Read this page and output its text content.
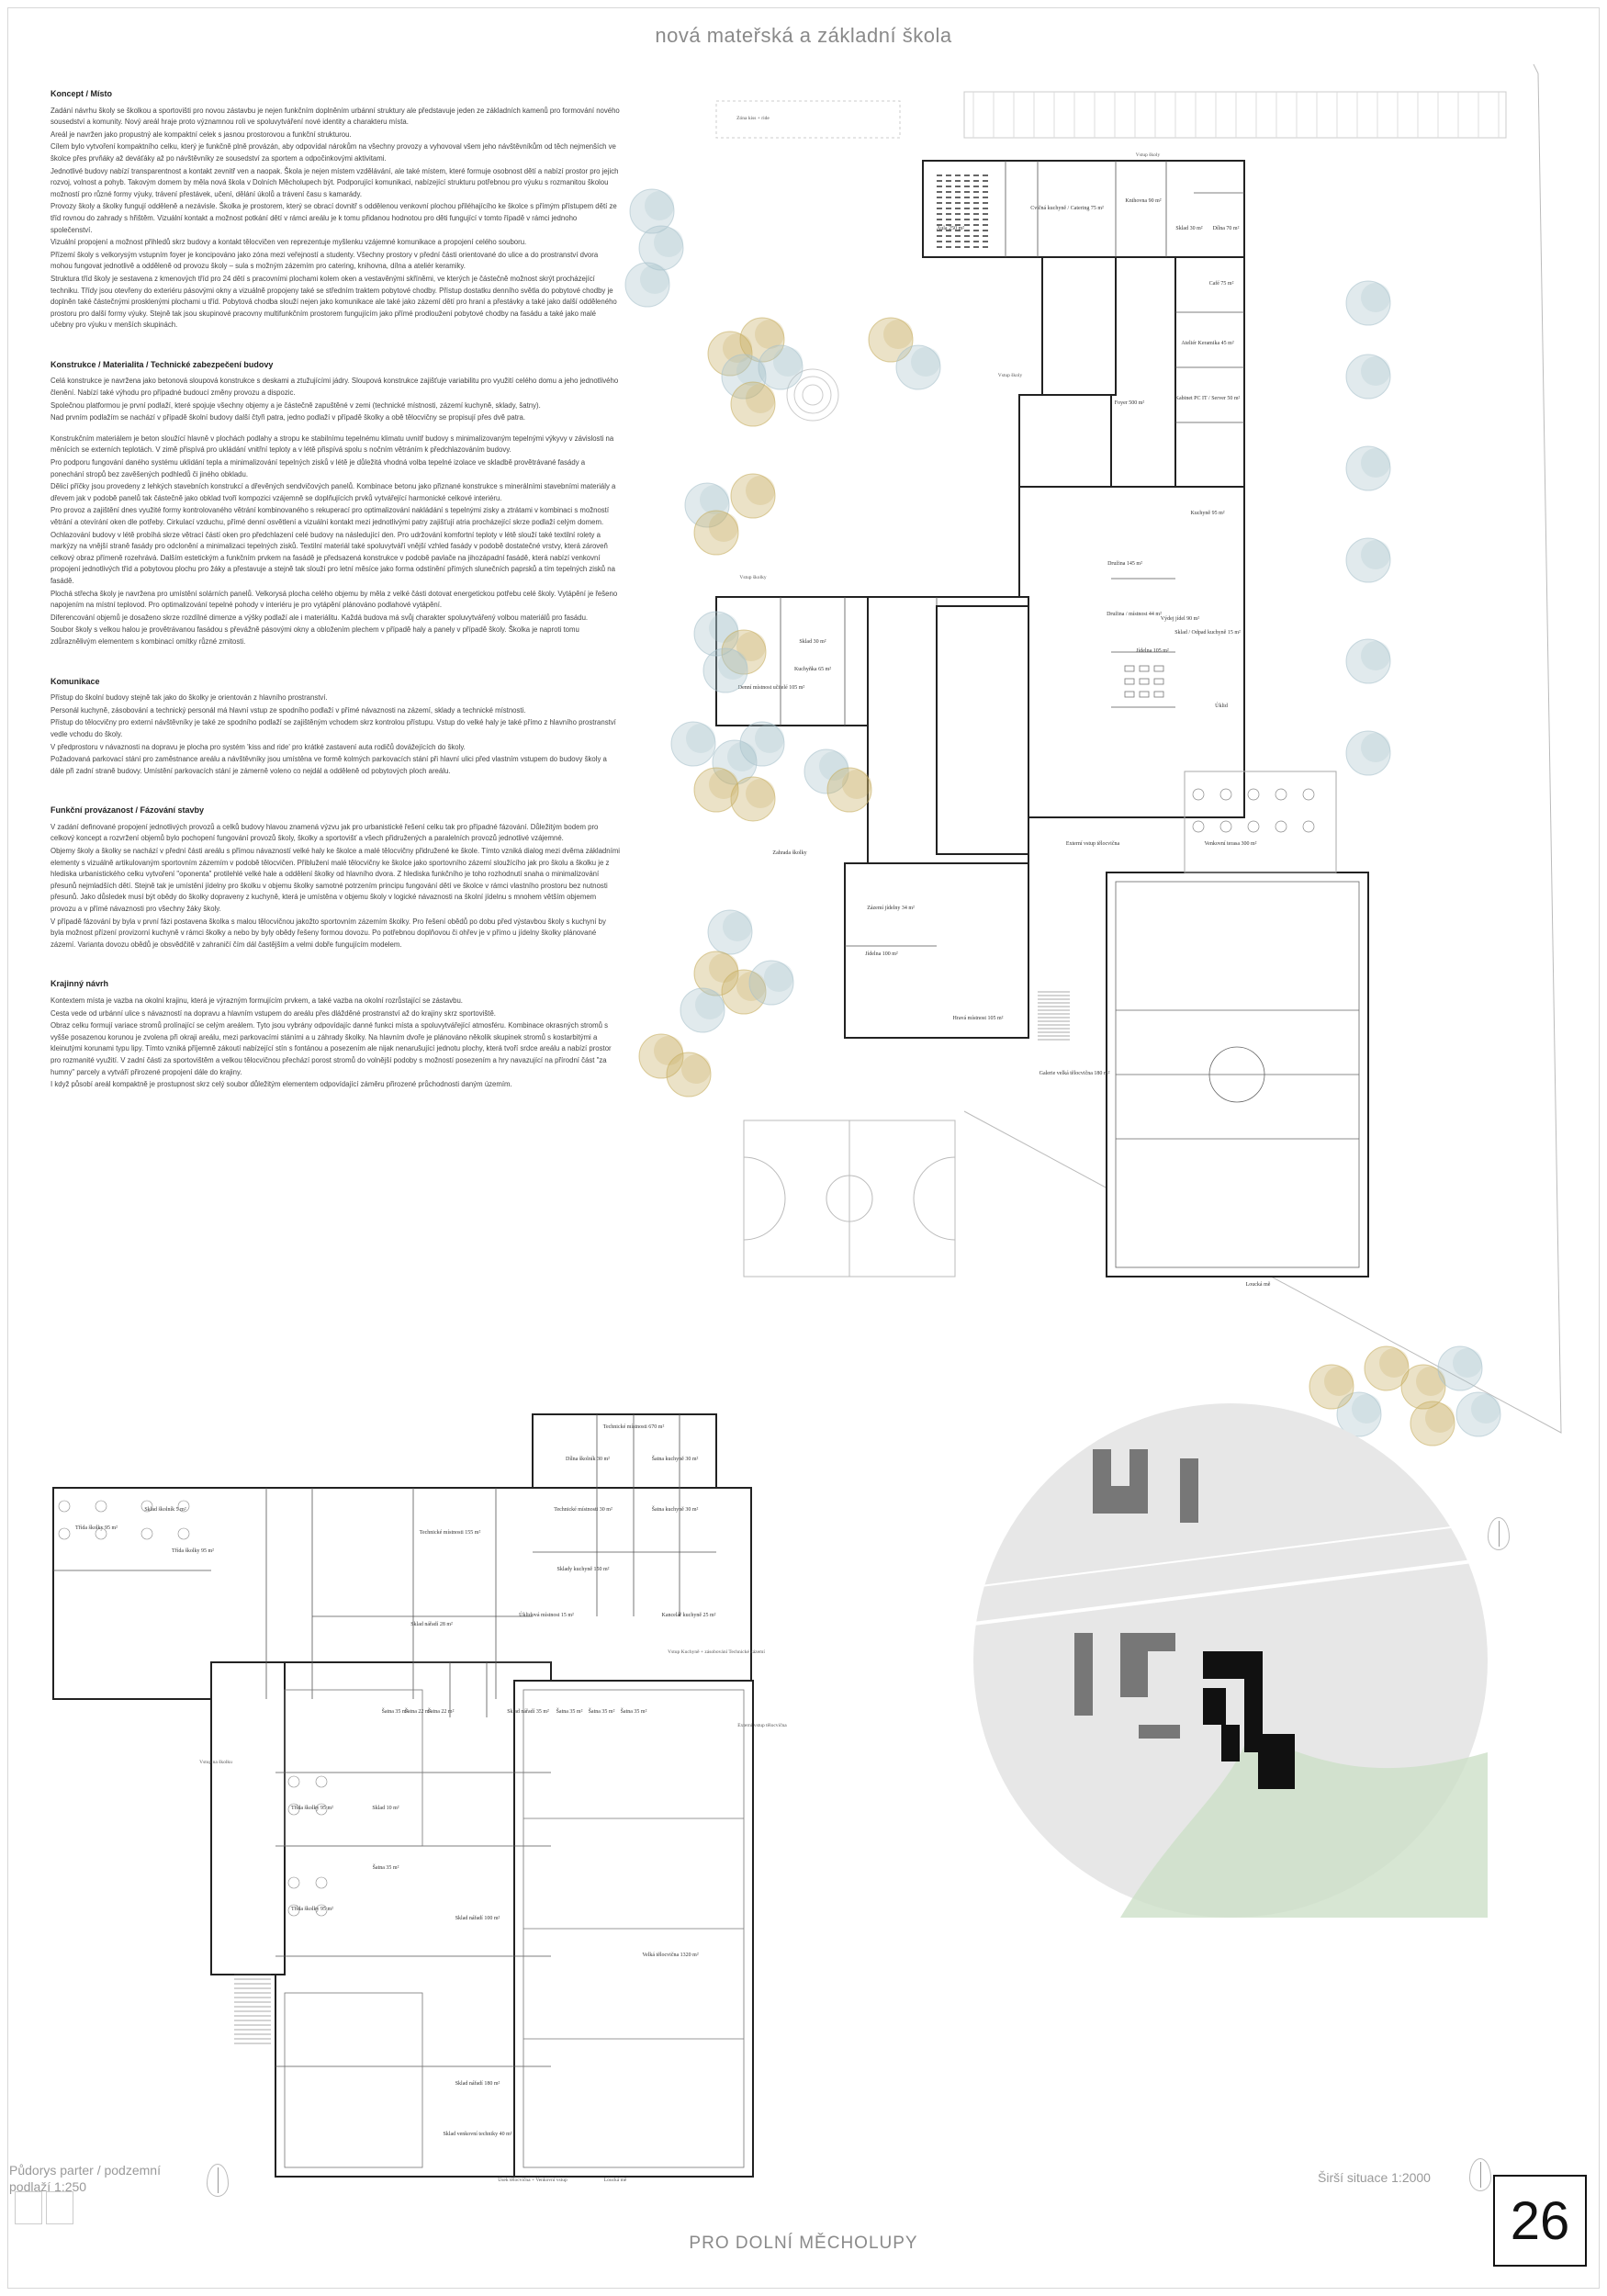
nová mateřská a základní škola
Koncept / Místo

Zadání návrhu školy se školkou a sportovišti pro novou zástavbu je nejen funkčním doplněním urbánní struktury ale představuje jeden ze základních kamenů pro formování nového sousedství a komunity. Nový areál hraje proto významnou roli ve spoluvytváření nové identity a charakteru místa.

Areál je navržen jako propustný ale kompaktní celek s jasnou prostorovou a funkční strukturou.

Cílem bylo vytvoření kompaktního celku, který je funkčně plně provázán, aby odpovídal nárokům na všechny provozy a vyhovoval všem jeho návštěvníkům od těch nejmenších ve školce přes prvňáky až deváťáky až po návštěvníky ze sousedství za sportem a odpočinkovými aktivitami.

Jednotlivé budovy nabízí transparentnost a kontakt zevnitř ven a naopak. Škola je nejen místem vzdělávání, ale také místem, které formuje osobnost dětí a nabízí prostor pro jejich rozvoj, volnost a pohyb. Takovým domem by měla nová škola v Dolních Měcholupech být. Podporující komunikaci, nabízející strukturu potřebnou pro výuku s rozmanitou školou možností pro různé formy výuky, trávení přestávek, učení, dělání úkolů a trávení času s kamarády.

Provozy školy a školky fungují odděleně a nezávisle. Školka je prostorem, který se obrací dovnitř s oddělenou venkovní plochou přiléhajícího ke školce s přímým přístupem dětí ze tříd rovnou do zahrady s hřištěm. Vizuální kontakt a možnost potkání dětí v rámci areálu je k tomu přidanou hodnotou pro děti fungující v tomto řípadě v rámci jednoho společenství.

Vizuální propojení a možnost přihledů skrz budovy a kontakt tělocvičen ven reprezentuje myšlenku vzájemné komunikace a propojení celého souboru.

Přízemí školy s velkorysým vstupním foyer je koncipováno jako zóna mezi veřejností a studenty. Všechny prostory v přední části orientované do ulice a do prostranství dvora mohou fungovat jednotlivě a odděleně od provozu školy – sula s možným zázemím pro catering, knihovna, dílna a ateliér keramiky.

Struktura tříd školy je sestavena z kmenových tříd pro 24 dětí s pracovními plochami kolem oken a vestavěnými skříněmi, ve kterých je částečně možnost skrýt procházející techniku. Třídy jsou otevřeny do exteriéru pásovými okny a vizuálně propojeny také se středním traktem pobytové chodby. Přístup dostatku denního světla do pobytové chodby je doplněn také částečnými prosklenými plochami u tříd. Pobytová chodba slouží nejen jako komunikace ale také jako zázemí dětí pro hraní a přestávky a také jako další odděleného prostoru pro další formy výuky. Stejně tak jsou skupinové pracovny multifunkčním prostorem fungujícím jako přímé prodloužení pobytové chodby na fasádu a také jako malé učebny pro výuku v menších skupinách.

Konstrukce / Materialita / Technické zabezpečení budovy

Celá konstrukce je navržena jako betonová sloupová konstrukce s deskami a ztužujícími jádry. Sloupová konstrukce zajišťuje variabilitu pro využití celého domu a jeho jednotlivého členění. Nabízí také výhodu pro případné budoucí změny provozu a dispozic.

Společnou platformou je první podlaží, které spojuje všechny objemy a je částečně zapuštěné v zemi (technické místnosti, zázemí kuchyně, sklady, šatny).

Nad prvním podlažím se nachází v případě školní budovy další čtyři patra, jedno podlaží v případě školky a obě tělocvičny se propisují přes dvě patra.

Konstrukčním materiálem je beton sloužící hlavně v plochách podlahy a stropu ke stabilnímu tepelnému klimatu uvnitř budovy s minimalizovaným tepelnými výkyvy v závislosti na měnících se externích teplotách. V zimě přispívá pro ukládání vnitřní teploty a v létě přispívá spolu s nočním větráním k předchlazováním budovy.

Pro podporu fungování daného systému uklidání tepla a minimalizování tepelných zisků v létě je důležitá vhodná volba tepelné izolace ve skladbě provětrávané fasády a ponechání stropů bez zavěšených podhledů či jiného obkladu.

Dělicí příčky jsou provedeny z lehkých stavebních konstrukcí a dřevěných sendvičových panelů. Kombinace betonu jako přiznané konstrukce s minerálními stavebními materiály a dřevem jak v podobě panelů tak částečně jako obklad tvoří kompozici vzájemně se doplňujících prvků vytvářející harmonické celkové interiéru.

Pro provoz a zajištění dnes využité formy kontrolovaného větrání kombinovaného s rekuperací pro optimalizování nakládání s tepelnými zisky a ztrátami v kombinaci s možností větrání a otevírání oken dle potřeby. Cirkulací vzduchu, přímé denní osvětlení a vizuální kontakt mezi jednotlivými patry zajišťují atria procházející skrze podlaží celým domem.

Ochlazování budovy v létě probíhá skrze větrací částí oken pro předchlazení celé budovy na následující den. Pro udržování komfortní teploty v létě slouží také textilní rolety a markýzy na vnější straně fasády pro odclonění a minimalizaci tepelných zisků. Textilní materiál také spoluvytváří vnější vzhled fasády v podobě dostatečné vrstvy, která zároveň celkový obraz přímeně rozehrává. Dalším estetickým a funkčním prvkem na fasádě je předsazená konstrukce v podobě pavlače na jihozápadní fasádě, která nabízí venkovní propojení jednotlivých tříd a pobytovou plochu pro žáky a přestavuje a stejně tak slouží pro letní měsíce jako forma odstínění přímých slunečních paprsků a tím tepelných zisků na fasádě.

Plochá střecha školy je navržena pro umístění solárních panelů. Velkorysá plocha celého objemu by měla z velké části dotovat energetickou potřebu celé školy. Vytápění je řešeno napojením na místní teplovod. Pro optimalizování tepelné pohody v interiéru je pro vytápění plánováno podlahové vytápění.

Diferencování objemů je dosaženo skrze rozdílné dimenze a výšky podlaží ale i materiálitu. Každá budova má svůj charakter spoluvytvářený volbou materiálů pro fasádu.

Soubor školy s velkou halou je provětrávanou fasádou s převážně pásovými okny a obložením plechem v případě haly a panely v případě školy. Školka je naproti tomu zdůraznělivým elementem s kombinací omítky různé zrnitosti.

Komunikace

Přístup do školní budovy stejně tak jako do školky je orientován z hlavního prostranství.

Personál kuchyně, zásobování a technický personál má hlavní vstup ze spodního podlaží v přímé návaznosti na zázemí, sklady a technické místnosti.

Přístup do tělocvičny pro externí návštěvníky je také ze spodního podlaží se zajištěným vchodem skrz kontrolou přístupu. Vstup do velké haly je také přímo z hlavního prostranství vedle vchodu do školy.

V předprostoru v návaznosti na dopravu je plocha pro systém 'kiss and ride' pro krátké zastavení auta rodičů dovážejících do školy.

Požadovaná parkovací stání pro zaměstnance areálu a návštěvníky jsou umístěna ve formě kolmých parkovacích stání při hlavní ulici před vlastním vstupem do budovy školy a dále při zadní straně budovy. Umístění parkovacích stání je zámerně voleno co nejdál a odděleně od pobytových ploch areálu.

Funkční provázanost / Fázování stavby

V zadání definované propojení jednotlivých provozů a celků budovy hlavou znamená výzvu jak pro urbanistické řešení celku tak pro případné fázování. Důležitým bodem pro celkový koncept a rozvržení objemů bylo pochopení fungování provozů školy, školky a sportovišť a všech přidružených a paralelních provozů jednotlivé vzájemné.

Objemy školy a školky se nachází v přední části areálu s přímou návazností velké haly ke školce a malé tělocvičny přidružené ke škole. Tímto vzniká dialog mezi dvěma základními elementy s vizuálně artikulovaným sportovním zázemím v podobě tělocvičen. Přiblužení malé tělocvičny ke školce jako sportovního zázemí sloužícího jak pro školu a školku je z hlediska urbanistického celku vytvoření "oponenta" protilehlé velké hale a oddělení školky od hlavního dvora. Z hlediska funkčního je toho rozhodnutí snaha o minimalizování přesunů nejmladších dětí. Stejně tak je umístění jídelny pro školku v objemu školky samotné potrzením principu fungování dětí ve školce v rámci vlastního prostoru bez nutnosti přesunů. Jako důsledek musí být obědy do školky dopraveny z kuchyně, která je umístěna v objemu školy v logické návaznosti na školní jídelnu s mnohem větším objemem provozu a v přímé návaznosti pro všechny žáky školy.

V případě fázování by byla v první fázi postavena školka s malou tělocvičnou jakožto sportovním zázemím školky. Pro řešení obědů po dobu před výstavbou školy s kuchyní by byla možnost přízení provizorní kuchyně v rámci školky a nebo by byly obědy řešeny formou dovozu. Po potřebnou doplňovou či ohřev je v přímo u jídelny školky plánované zázemí. Varianta dovozu obědů je obsvědčitě v zahraničí čím dál častějším a velmi dobře fungujícím modelem.

Krajinný návrh

Kontextem místa je vazba na okolní krajinu, která je výrazným formujícím prvkem, a také vazba na okolní rozrůstající se zástavbu.

Cesta vede od urbánní ulice s návazností na dopravu a hlavním vstupem do areálu přes dlážděné prostranství až do krajiny skrz sportoviště.

Obraz celku formují variace stromů prolínající se celým areálem. Tyto jsou vybrány odpovídajíc danné funkci místa a spoluvytvářející atmosféru. Kombinace okrasných stromů s vyšše posazenou korunou je zvolena při okraji areálu, mezi parkovacími stáními a u záhrady školky. Na hlavním dvoře je plánováno několik skupinek stromů s kostarbitými a kleinutými korunami typu lipy. Tímto vzniká příjemně zákoutí nabízející stín s fontánou a posezením ale nijak nenarušující jednotu plochy, která tvoří srdce areálu a nabízí prostor pro rozmanité využití. V zadní části za sportovištěm a velkou tělocvičnou přechází porost stromů do volnější podoby s možností posezením a hry navazující na přírodní část "za humny" parcely a vytváří přirozené propojení dále do krajiny.

I když působí areál kompaktně je prostupnost skrz celý soubor důležitým elementem odpovídající záměru přirozené průchodnosti daným územím.

Zóna kiss + ride
Aula 250 m²
Cvičná kuchyně / Catering 75 m²
Knihovna 90 m²
Sklad 30 m² Dílna 70 m²
Vstup školy
Café 75 m²
Ateliér Keramika 45 m²
Kabinet PC IT / Server 50 m²
Foyer 500 m²
Vstup školy
Kuchyně 95 m²
Družina 145 m²
Družina / místnost 44 m²
Výdej jídel 90 m²
Jídelna 105 m²
Sklad / Odpad kuchyně 15 m²
Úklid
Sklad 30 m²
Denní místnost učitelé 105 m²
Kuchyňka 65 m²
Vstup školky
Zahrada školky
Zázemí jídelny 34 m²
Jídelna 100 m²
Hravá místnost 105 m²
Galerie velká tělocvična 180 m²
Loucká mě
Externí vstup tělocvična	Venkovní terasa 300 m²
Technické místnosti 670 m²
Dílna školník 30 m²	Šatna kuchyně 30 m²
Šatna kuchyně 30 m²
Technické místnosti 155 m²
Technické místnosti 30 m²
Sklady kuchyně 150 m²
Sklad školník 5 m²
Třída školky 95 m²
Třída školky 95 m²
Sklad nářadí 28 m²
Úklidová místnost 15 m²	Kancelář kuchyně 25 m²
Vstup Kuchyně + zásobování Technické zázemí
Šatna 35 m²
Šatna 22 m²
Šatna 22 m²	Sklad nářadí 35 m² Šatna 35 m² Šatna 35 m² Šatna 35 m²
Externí vstup tělocvična
Vstup na školku
Třída školky 95 m²	Sklad 10 m²
Šatna 35 m²
Třída školky 95 m²
Sklad nářadí 100 m²
Velká tělocvična 1320 m²
Sklad nářadí 180 m²
Sklad venkovní techniky 40 m²
Úsek tělocvična + Venkovní vstup	Loucká mě
Půdorys parter / podzemní
podlaží 1:250
Širší situace 1:2000
PRO DOLNÍ MĚCHOLUPY	26
